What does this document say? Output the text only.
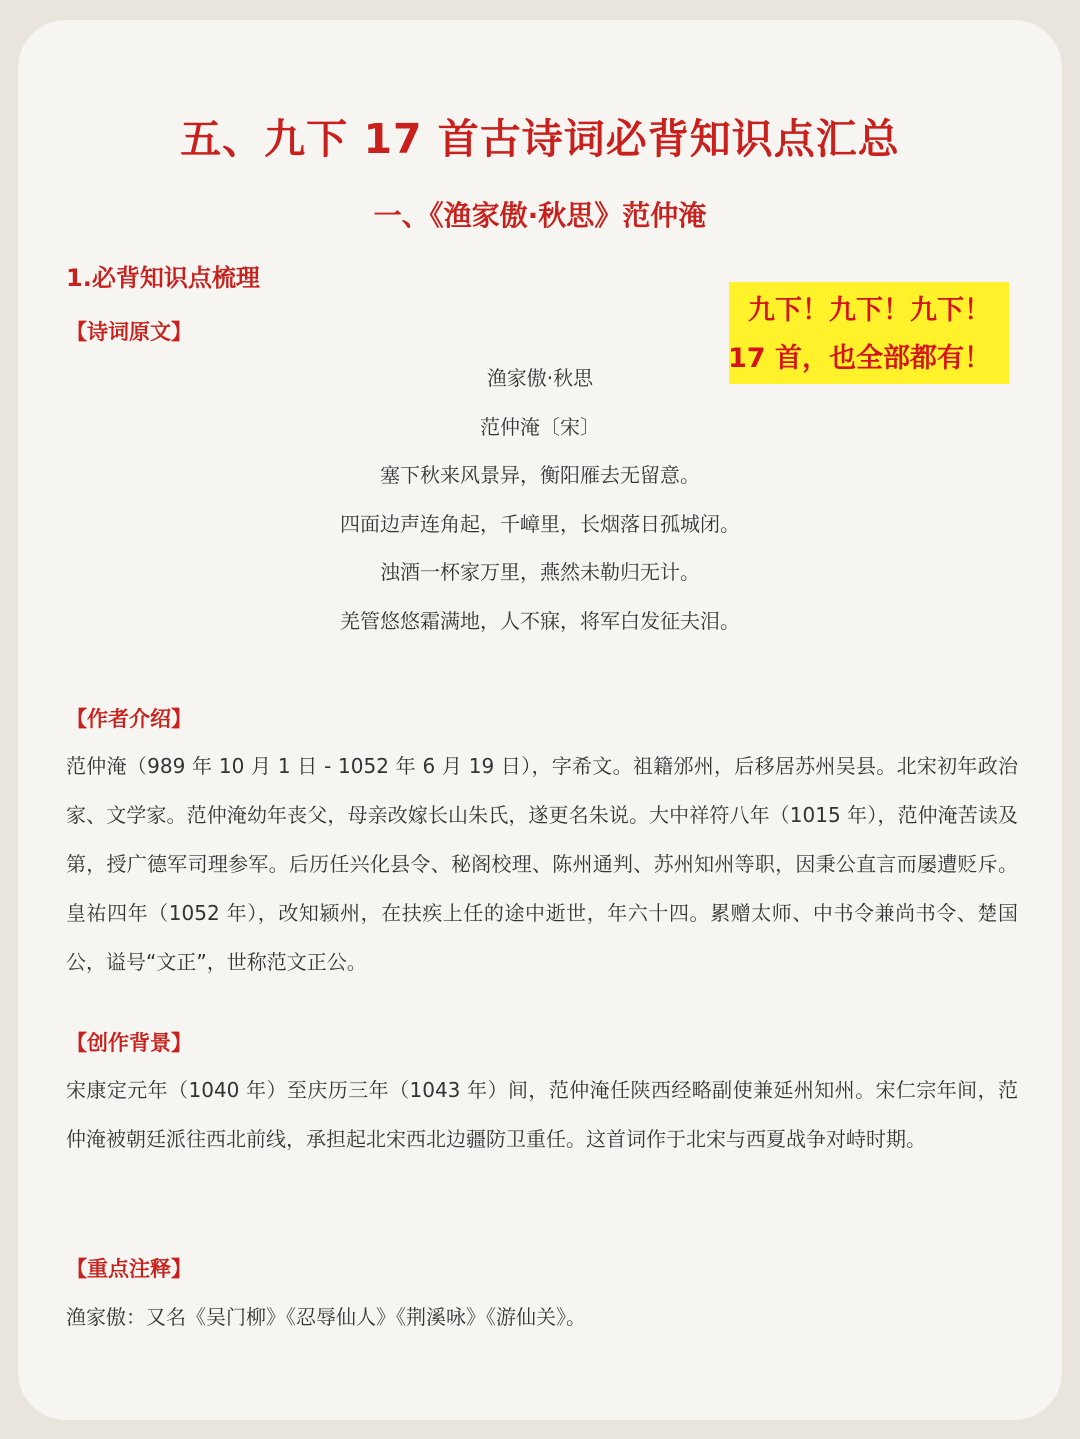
五、九下 17 首古诗词必背知识点汇总
一、《渔家傲·秋思》范仲淹
1.必背知识点梳理
九下！九下！九下！
17 首，也全部都有！
【诗词原文】
渔家傲·秋思
范仲淹〔宋〕
塞下秋来风景异，衡阳雁去无留意。
四面边声连角起，千嶂里，长烟落日孤城闭。
浊酒一杯家万里，燕然未勒归无计。
羌管悠悠霜满地，人不寐，将军白发征夫泪。
【作者介绍】
范仲淹（989 年 10 月 1 日 - 1052 年 6 月 19 日），字希文。祖籍邠州，后移居苏州吴县。北宋初年政治家、文学家。范仲淹幼年丧父，母亲改嫁长山朱氏，遂更名朱说。大中祥符八年（1015 年），范仲淹苦读及第，授广德军司理参军。后历任兴化县令、秘阁校理、陈州通判、苏州知州等职，因秉公直言而屡遭贬斥。皇祐四年（1052 年），改知颍州，在扶疾上任的途中逝世，年六十四。累赠太师、中书令兼尚书令、楚国公，谥号“文正”，世称范文正公。
【创作背景】
宋康定元年（1040 年）至庆历三年（1043 年）间，范仲淹任陕西经略副使兼延州知州。宋仁宗年间，范仲淹被朝廷派往西北前线，承担起北宋西北边疆防卫重任。这首词作于北宋与西夏战争对峙时期。
【重点注释】
渔家傲：又名《吴门柳》《忍辱仙人》《荆溪咏》《游仙关》。
